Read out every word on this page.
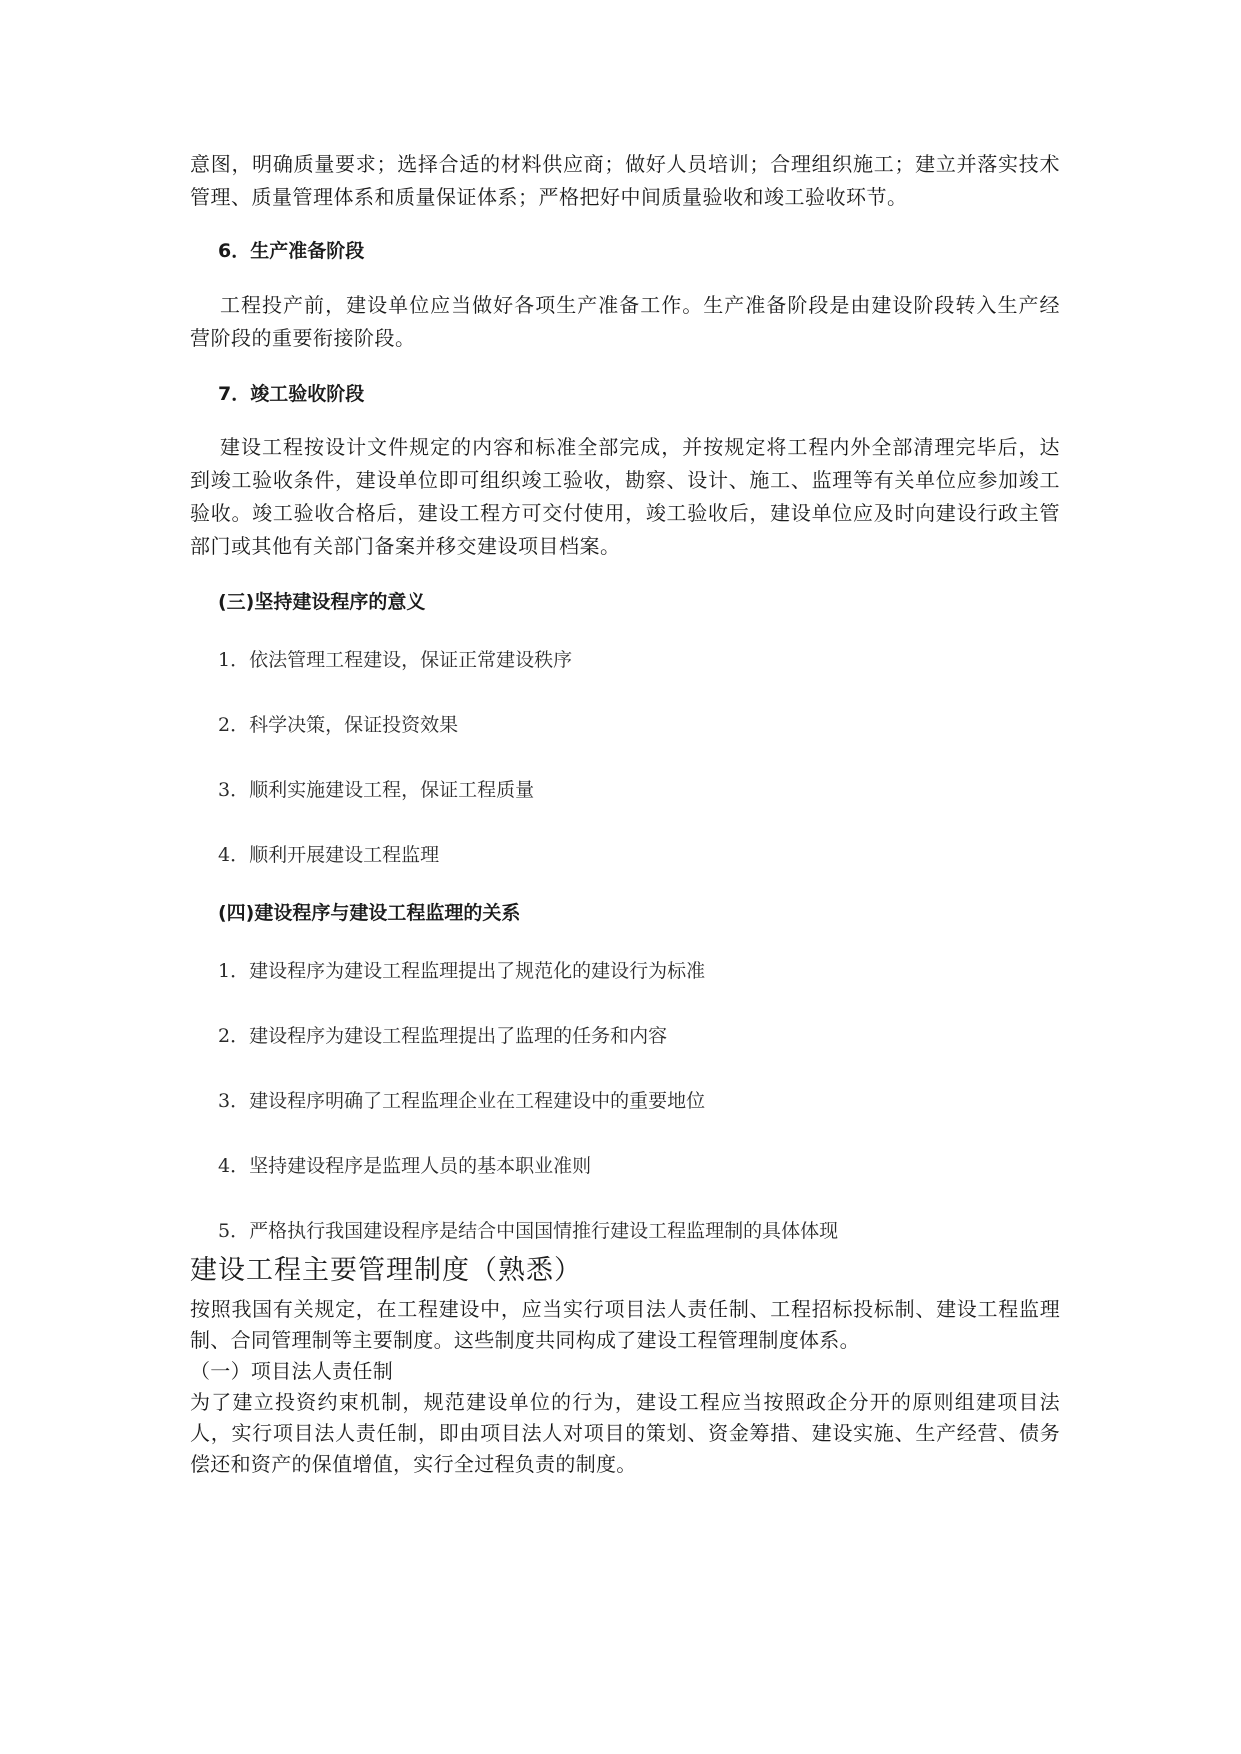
意图，明确质量要求；选择合适的材料供应商；做好人员培训；合理组织施工；建立并落实技术管理、质量管理体系和质量保证体系；严格把好中间质量验收和竣工验收环节。

6．生产准备阶段

工程投产前，建设单位应当做好各项生产准备工作。生产准备阶段是由建设阶段转入生产经营阶段的重要衔接阶段。

7．竣工验收阶段

建设工程按设计文件规定的内容和标准全部完成，并按规定将工程内外全部清理完毕后，达到竣工验收条件，建设单位即可组织竣工验收，勘察、设计、施工、监理等有关单位应参加竣工验收。竣工验收合格后，建设工程方可交付使用，竣工验收后，建设单位应及时向建设行政主管部门或其他有关部门备案并移交建设项目档案。

(三)坚持建设程序的意义

1．依法管理工程建设，保证正常建设秩序

2．科学决策，保证投资效果

3．顺利实施建设工程，保证工程质量

4．顺利开展建设工程监理

(四)建设程序与建设工程监理的关系

1．建设程序为建设工程监理提出了规范化的建设行为标准

2．建设程序为建设工程监理提出了监理的任务和内容

3．建设程序明确了工程监理企业在工程建设中的重要地位

4．坚持建设程序是监理人员的基本职业准则

5．严格执行我国建设程序是结合中国国情推行建设工程监理制的具体体现

建设工程主要管理制度（熟悉）

按照我国有关规定，在工程建设中，应当实行项目法人责任制、工程招标投标制、建设工程监理制、合同管理制等主要制度。这些制度共同构成了建设工程管理制度体系。

（一）项目法人责任制

为了建立投资约束机制，规范建设单位的行为，建设工程应当按照政企分开的原则组建项目法人，实行项目法人责任制，即由项目法人对项目的策划、资金筹措、建设实施、生产经营、债务偿还和资产的保值增值，实行全过程负责的制度。
